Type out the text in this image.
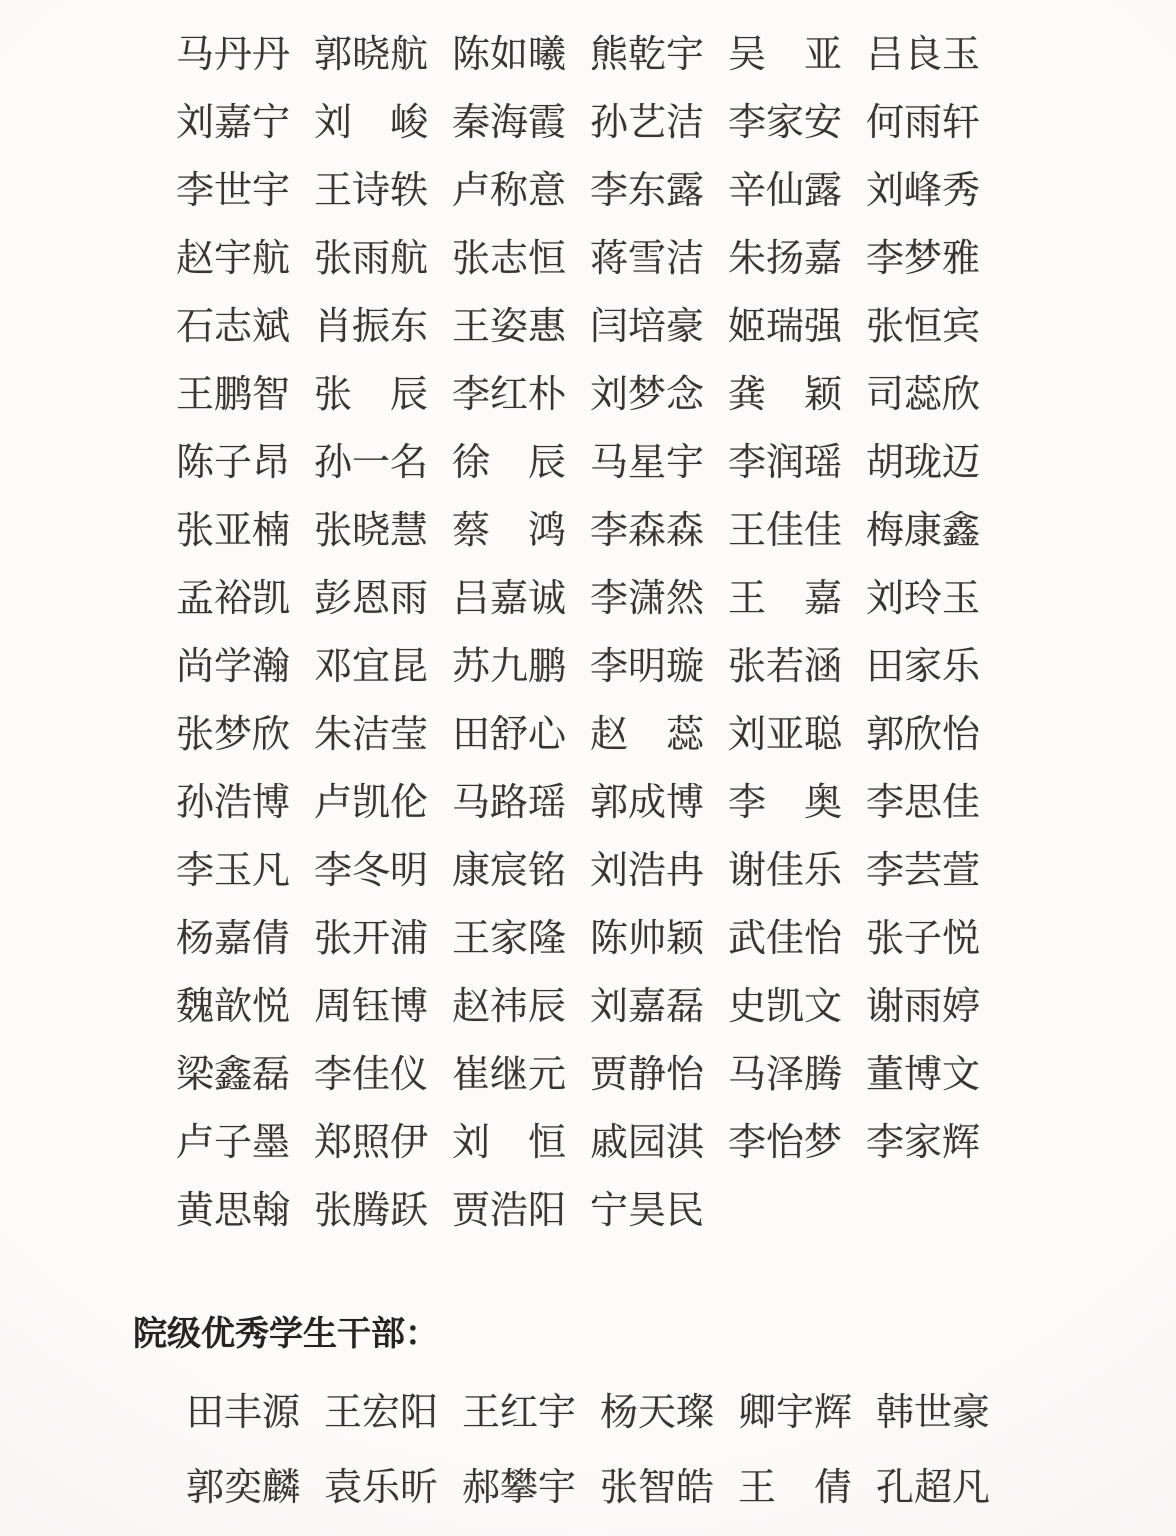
马丹丹 郭晓航 陈如曦 熊乾宇 吴　亚 吕良玉
刘嘉宁 刘　峻 秦海霞 孙艺洁 李家安 何雨轩
李世宇 王诗轶 卢称意 李东露 辛仙露 刘峰秀
赵宇航 张雨航 张志恒 蒋雪洁 朱扬嘉 李梦雅
石志斌 肖振东 王姿惠 闫培豪 姬瑞强 张恒宾
王鹏智 张　辰 李红朴 刘梦念 龚　颖 司蕊欣
陈子昂 孙一名 徐　辰 马星宇 李润瑶 胡珑迈
张亚楠 张晓慧 蔡　鸿 李森森 王佳佳 梅康鑫
孟裕凯 彭恩雨 吕嘉诚 李潇然 王　嘉 刘玲玉
尚学瀚 邓宜昆 苏九鹏 李明璇 张若涵 田家乐
张梦欣 朱洁莹 田舒心 赵　蕊 刘亚聪 郭欣怡
孙浩博 卢凯伦 马路瑶 郭成博 李　奥 李思佳
李玉凡 李冬明 康宸铭 刘浩冉 谢佳乐 李芸萱
杨嘉倩 张开浦 王家隆 陈帅颖 武佳怡 张子悦
魏歆悦 周钰博 赵祎辰 刘嘉磊 史凯文 谢雨婷
梁鑫磊 李佳仪 崔继元 贾静怡 马泽腾 董博文
卢子墨 郑照伊 刘　恒 戚园淇 李怡梦 李家辉
黄思翰 张腾跃 贾浩阳 宁昊民
院级优秀学生干部：
田丰源 王宏阳 王红宇 杨天璨 卿宇辉 韩世豪
郭奕麟 袁乐昕 郝攀宇 张智皓 王　倩 孔超凡
